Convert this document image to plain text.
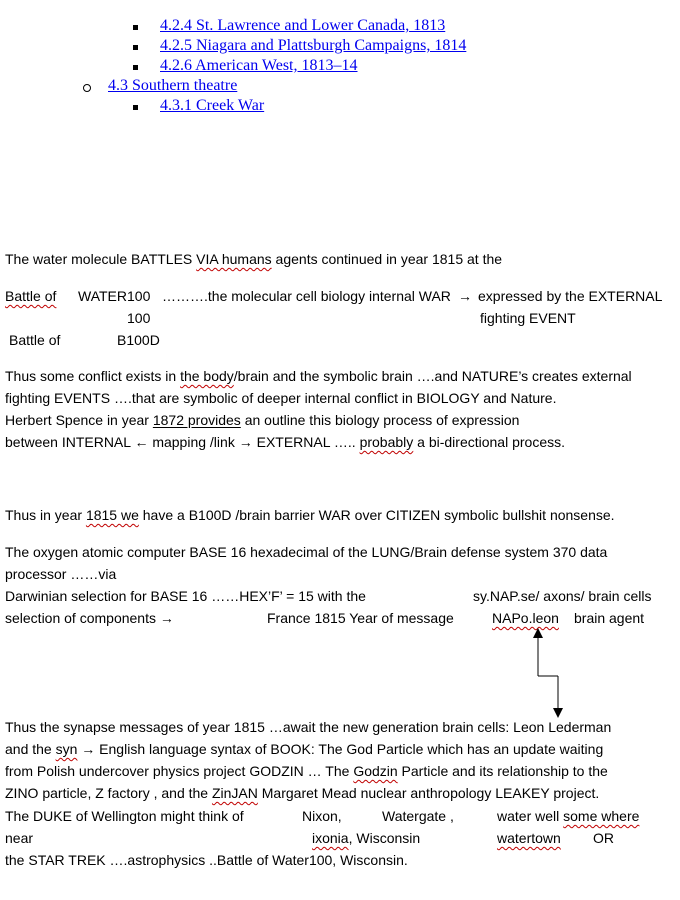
4.2.4 St. Lawrence and Lower Canada, 1813
4.2.5 Niagara and Plattsburgh Campaigns, 1814
4.2.6 American West, 1813–14
4.3 Southern theatre
4.3.1 Creek War
The water molecule BATTLES VIA humans agents continued in year 1815 at the
Battle of WATER100 ……….the molecular cell biology internal WAR → expressed by the EXTERNAL
100	fighting EVENT
Battle of	B100D
Thus some conflict exists in the body/brain and the symbolic brain ….and NATURE’s creates external
fighting EVENTS ….that are symbolic of deeper internal conflict in BIOLOGY and Nature.
Herbert Spence in year 1872 provides an outline this biology process of expression
between INTERNAL ← mapping /link → EXTERNAL ….. probably a bi-directional process.
Thus in year 1815 we have a B100D /brain barrier WAR over CITIZEN symbolic bullshit nonsense.
The oxygen atomic computer BASE 16 hexadecimal of the LUNG/Brain defense system 370 data
processor ……via
Darwinian selection for BASE 16 ……HEX’F’ = 15 with the	sy.NAP.se/ axons/ brain cells
selection of components →	France 1815 Year of message	NAPo.leon brain agent
Thus the synapse messages of year 1815 …await the new generation brain cells: Leon Lederman
and the syn → English language syntax of BOOK: The God Particle which has an update waiting
from Polish undercover physics project GODZIN … The Godzin Particle and its relationship to the
ZINO particle, Z factory , and the ZinJAN Margaret Mead nuclear anthropology LEAKEY project.
The DUKE of Wellington might think of	Nixon,	Watergate ,	water well some where
near	ixonia, Wisconsin	watertown OR
the STAR TREK ….astrophysics ..Battle of Water100, Wisconsin.
